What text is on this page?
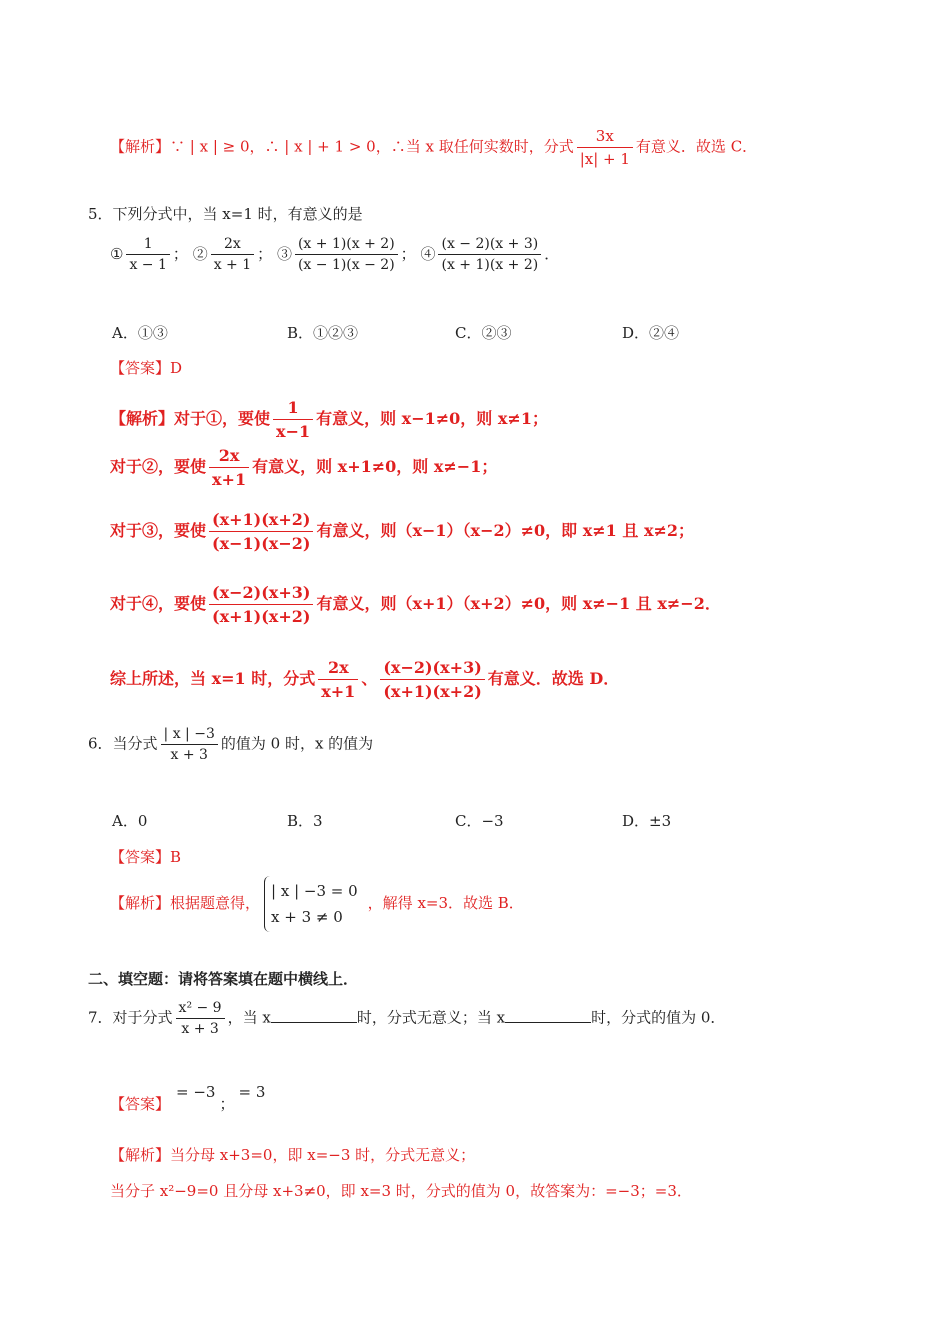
【解析】∵ | x | ≥ 0，∴ | x | + 1 > 0，∴当 x 取任何实数时，分式 $\frac{3x}{|x| + 1}$ 有意义．故选 C．
5．下列分式中，当 x=1 时，有意义的是
① $\frac{1}{x - 1}$ ； ② $\frac{2x}{x + 1}$ ； ③ $\frac{(x + 1)(x + 2)}{(x - 1)(x - 2)}$ ； ④ $\frac{(x - 2)(x + 3)}{(x + 1)(x + 2)}$ ．
A．①③	B．①②③	C．②③	D．②④
【答案】D
【解析】对于①，要使 $\frac{1}{x-1}$ 有意义，则 x−1≠0，则 x≠1；
对于②，要使 $\frac{2x}{x+1}$ 有意义，则 x+1≠0，则 x≠−1；
对于③，要使 $\frac{(x+1)(x+2)}{(x-1)(x-2)}$ 有意义，则（x−1）（x−2）≠0，即 x≠1 且 x≠2；
对于④，要使 $\frac{(x-2)(x+3)}{(x+1)(x+2)}$ 有意义，则（x+1）（x+2）≠0，则 x≠−1 且 x≠−2．
综上所述，当 x=1 时，分式 $\frac{2x}{x+1}$ 、 $\frac{(x-2)(x+3)}{(x+1)(x+2)}$ 有意义．故选 D．
6．当分式 $\frac{| x | -3}{x + 3}$ 的值为 0 时，x 的值为
A．0	B．3	C．−3	D．±3
【答案】B
【解析】根据题意得，
| x | −3 = 0
x + 3 ≠ 0
，解得 x=3．故选 B．
二、填空题：请将答案填在题中横线上．
7．对于分式 $\frac{\text{x² − 9}}{x + 3}$ ，当 x	时，分式无意义；当 x	时，分式的值为 0．
【答案】= −3；= 3
【解析】当分母 x+3=0，即 x=−3 时，分式无意义；
当分子 x²−9=0 且分母 x+3≠0，即 x=3 时，分式的值为 0，故答案为：=−3；=3．
